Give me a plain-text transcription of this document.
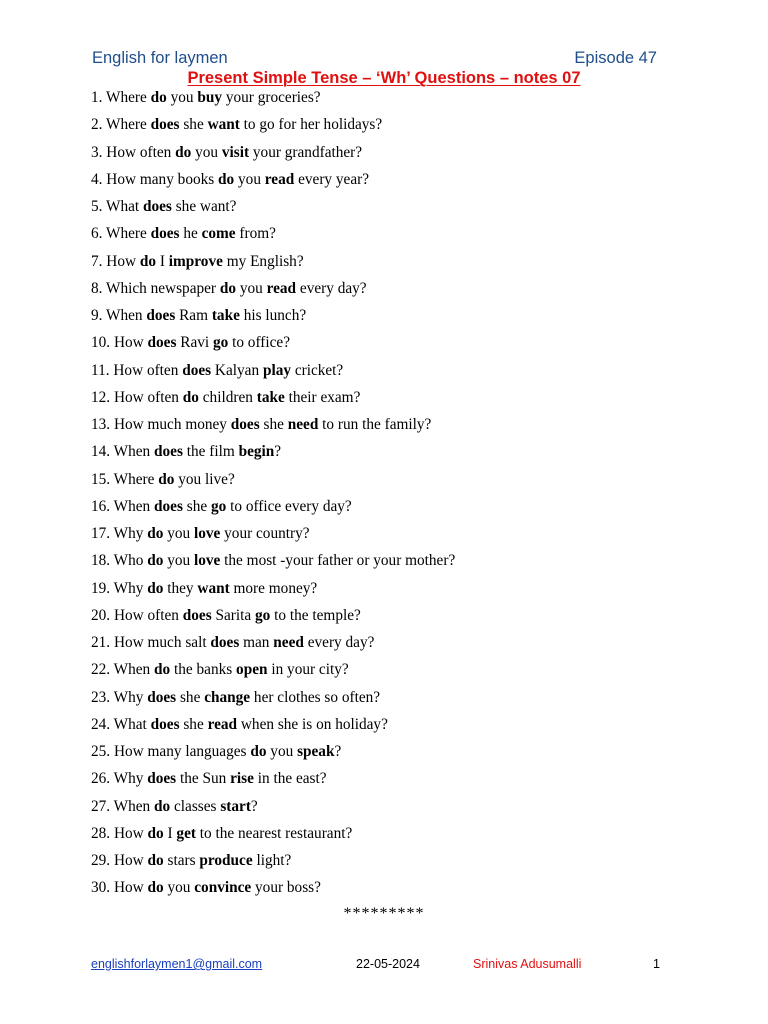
English for laymen	Episode 47
Present Simple Tense – ‘Wh’ Questions – notes 07
1. Where do you buy your groceries?
2. Where does she want to go for her holidays?
3. How often do you visit your grandfather?
4. How many books do you read every year?
5. What does she want?
6. Where does he come from?
7. How do I improve my English?
8. Which newspaper do you read every day?
9. When does Ram take his lunch?
10. How does Ravi go to office?
11. How often does Kalyan play cricket?
12. How often do children take their exam?
13. How much money does she need to run the family?
14. When does the film begin?
15. Where do you live?
16. When does she go to office every day?
17. Why do you love your country?
18. Who do you love the most -your father or your mother?
19. Why do they want more money?
20. How often does Sarita go to the temple?
21. How much salt does man need every day?
22. When do the banks open in your city?
23. Why does she change her clothes so often?
24. What does she read when she is on holiday?
25. How many languages do you speak?
26. Why does the Sun rise in the east?
27. When do classes start?
28. How do I get to the nearest restaurant?
29. How do stars produce light?
30. How do you convince your boss?
*********
englishforlaymen1@gmail.com	22-05-2024	Srinivas Adusumalli	1
